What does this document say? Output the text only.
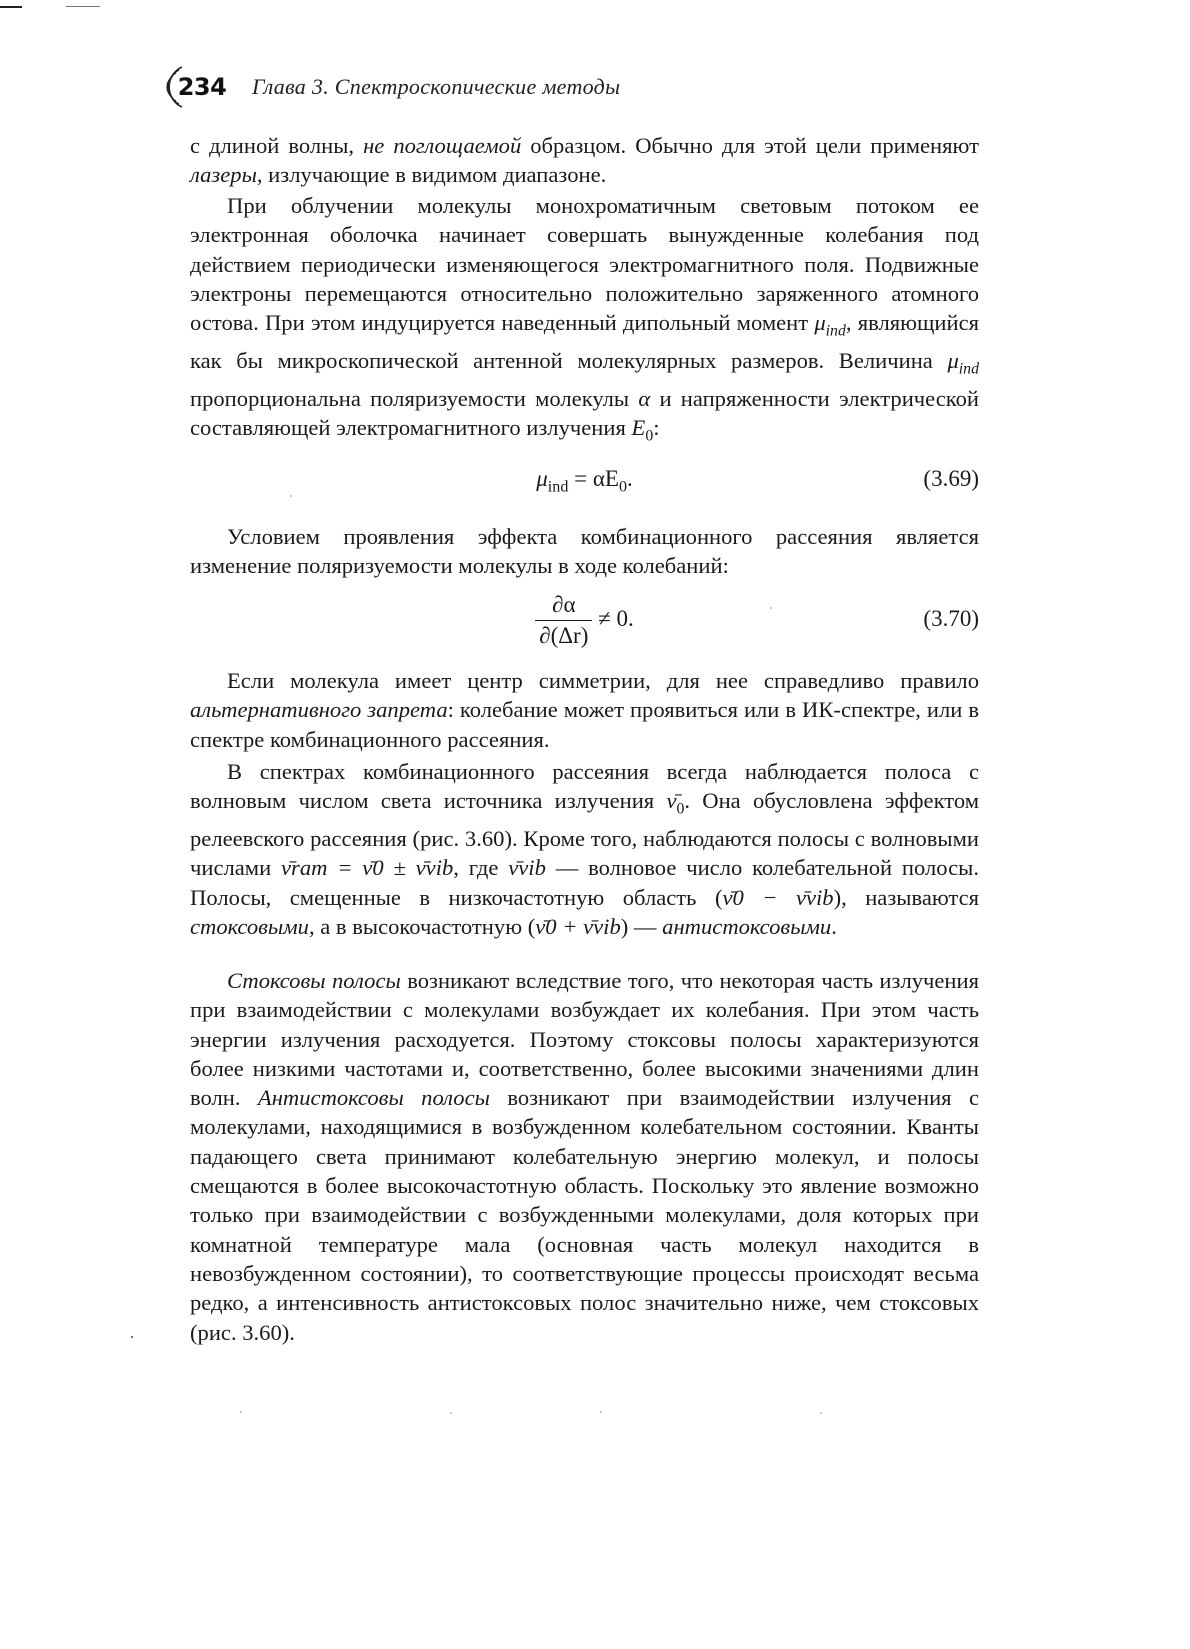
234 Глава 3. Спектроскопические методы

с длиной волны, не поглощаемой образцом. Обычно для этой цели применяют лазеры, излучающие в видимом диапазоне.

При облучении молекулы монохроматичным световым потоком ее электронная оболочка начинает совершать вынужденные колебания под действием периодически изменяющегося электромагнитного поля. Подвижные электроны перемещаются относительно положительно заряженного атомного остова. При этом индуцируется наведенный дипольный момент $\mu_{ind}$, являющийся как бы микроскопической антенной молекулярных размеров. Величина $\mu_{ind}$ пропорциональна поляризуемости молекулы α и напряженности электрической составляющей электромагнитного излучения $E_0$:

$\mu_{ind} = \alpha E_0$.	(3.69)

Условием проявления эффекта комбинационного рассеяния является изменение поляризуемости молекулы в ходе колебаний:

$\frac{\partial\alpha}{\partial(\Delta r)} \ne 0$.	(3.70)

Если молекула имеет центр симметрии, для нее справедливо правило альтернативного запрета: колебание может проявиться или в ИК-спектре, или в спектре комбинационного рассеяния.

В спектрах комбинационного рассеяния всегда наблюдается полоса с волновым числом света источника излучения $\nū_0$. Она обусловлена эффектом релеевского рассеяния (рис. 3.60). Кроме того, наблюдаются полосы с волновыми числами ν̄ram = ν̄0 ± ν̄vib, где ν̄vib — волновое число колебательной полосы. Полосы, смещенные в низкочастотную область (ν̄0 − ν̄vib), называются стоксовыми, а в высокочастотную (ν̄0 + ν̄vib) — антистоксовыми.

Стоксовы полосы возникают вследствие того, что некоторая часть излучения при взаимодействии с молекулами возбуждает их колебания. При этом часть энергии излучения расходуется. Поэтому стоксовы полосы характеризуются более низкими частотами и, соответственно, более высокими значениями длин волн. Антистоксовы полосы возникают при взаимодействии излучения с молекулами, находящимися в возбужденном колебательном состоянии. Кванты падающего света принимают колебательную энергию молекул, и полосы смещаются в более высокочастотную область. Поскольку это явление возможно только при взаимодействии с возбужденными молекулами, доля которых при комнатной температуре мала (основная часть молекул находится в невозбужденном состоянии), то соответствующие процессы происходят весьма редко, а интенсивность антистоксовых полос значительно ниже, чем стоксовых (рис. 3.60).
